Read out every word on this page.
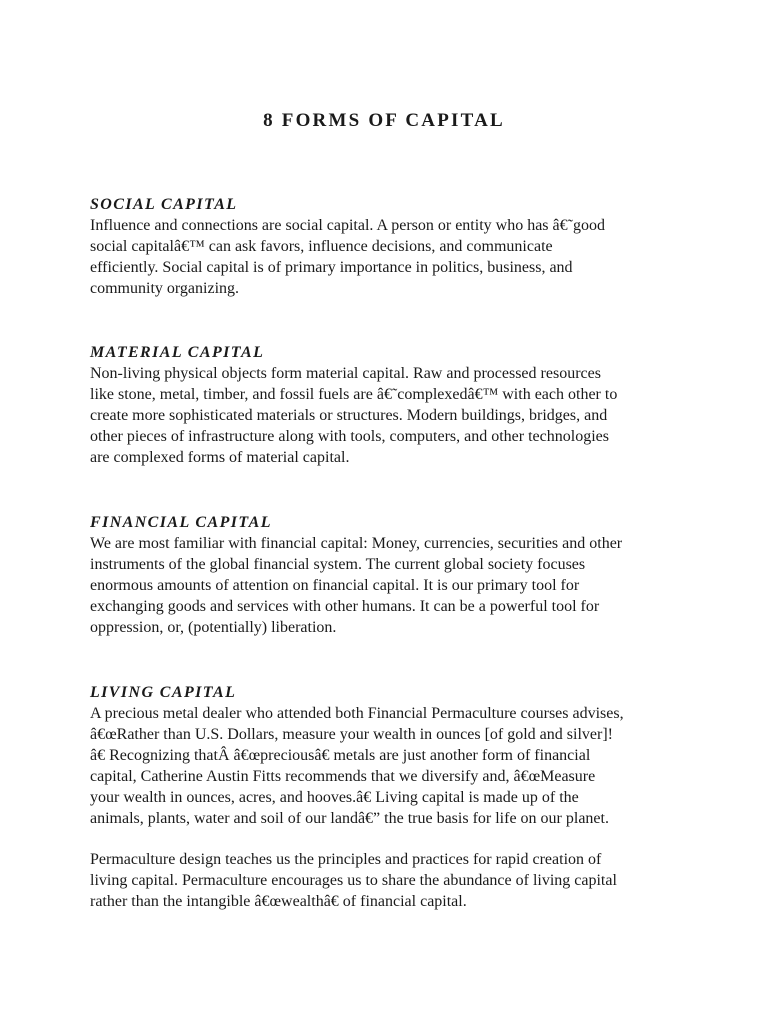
8 FORMS OF CAPITAL
SOCIAL CAPITAL
Influence and connections are social capital. A person or entity who has â€˜good
social capitalâ€™ can ask favors, influence decisions, and communicate
efficiently. Social capital is of primary importance in politics, business, and
community organizing.
MATERIAL CAPITAL
Non-living physical objects form material capital. Raw and processed resources
like stone, metal, timber, and fossil fuels are â€˜complexedâ€™ with each other to
create more sophisticated materials or structures. Modern buildings, bridges, and
other pieces of infrastructure along with tools, computers, and other technologies
are complexed forms of material capital.
FINANCIAL CAPITAL
We are most familiar with financial capital: Money, currencies, securities and other
instruments of the global financial system. The current global society focuses
enormous amounts of attention on financial capital. It is our primary tool for
exchanging goods and services with other humans. It can be a powerful tool for
oppression, or, (potentially) liberation.
LIVING CAPITAL
A precious metal dealer who attended both Financial Permaculture courses advises,
â€œRather than U.S. Dollars, measure your wealth in ounces [of gold and silver]!
â€ Recognizing thatÂ â€œpreciousâ€ metals are just another form of financial
capital, Catherine Austin Fitts recommends that we diversify and, â€œMeasure
your wealth in ounces, acres, and hooves.â€ Living capital is made up of the
animals, plants, water and soil of our landâ€” the true basis for life on our planet.
Permaculture design teaches us the principles and practices for rapid creation of
living capital. Permaculture encourages us to share the abundance of living capital
rather than the intangible â€œwealthâ€ of financial capital.
